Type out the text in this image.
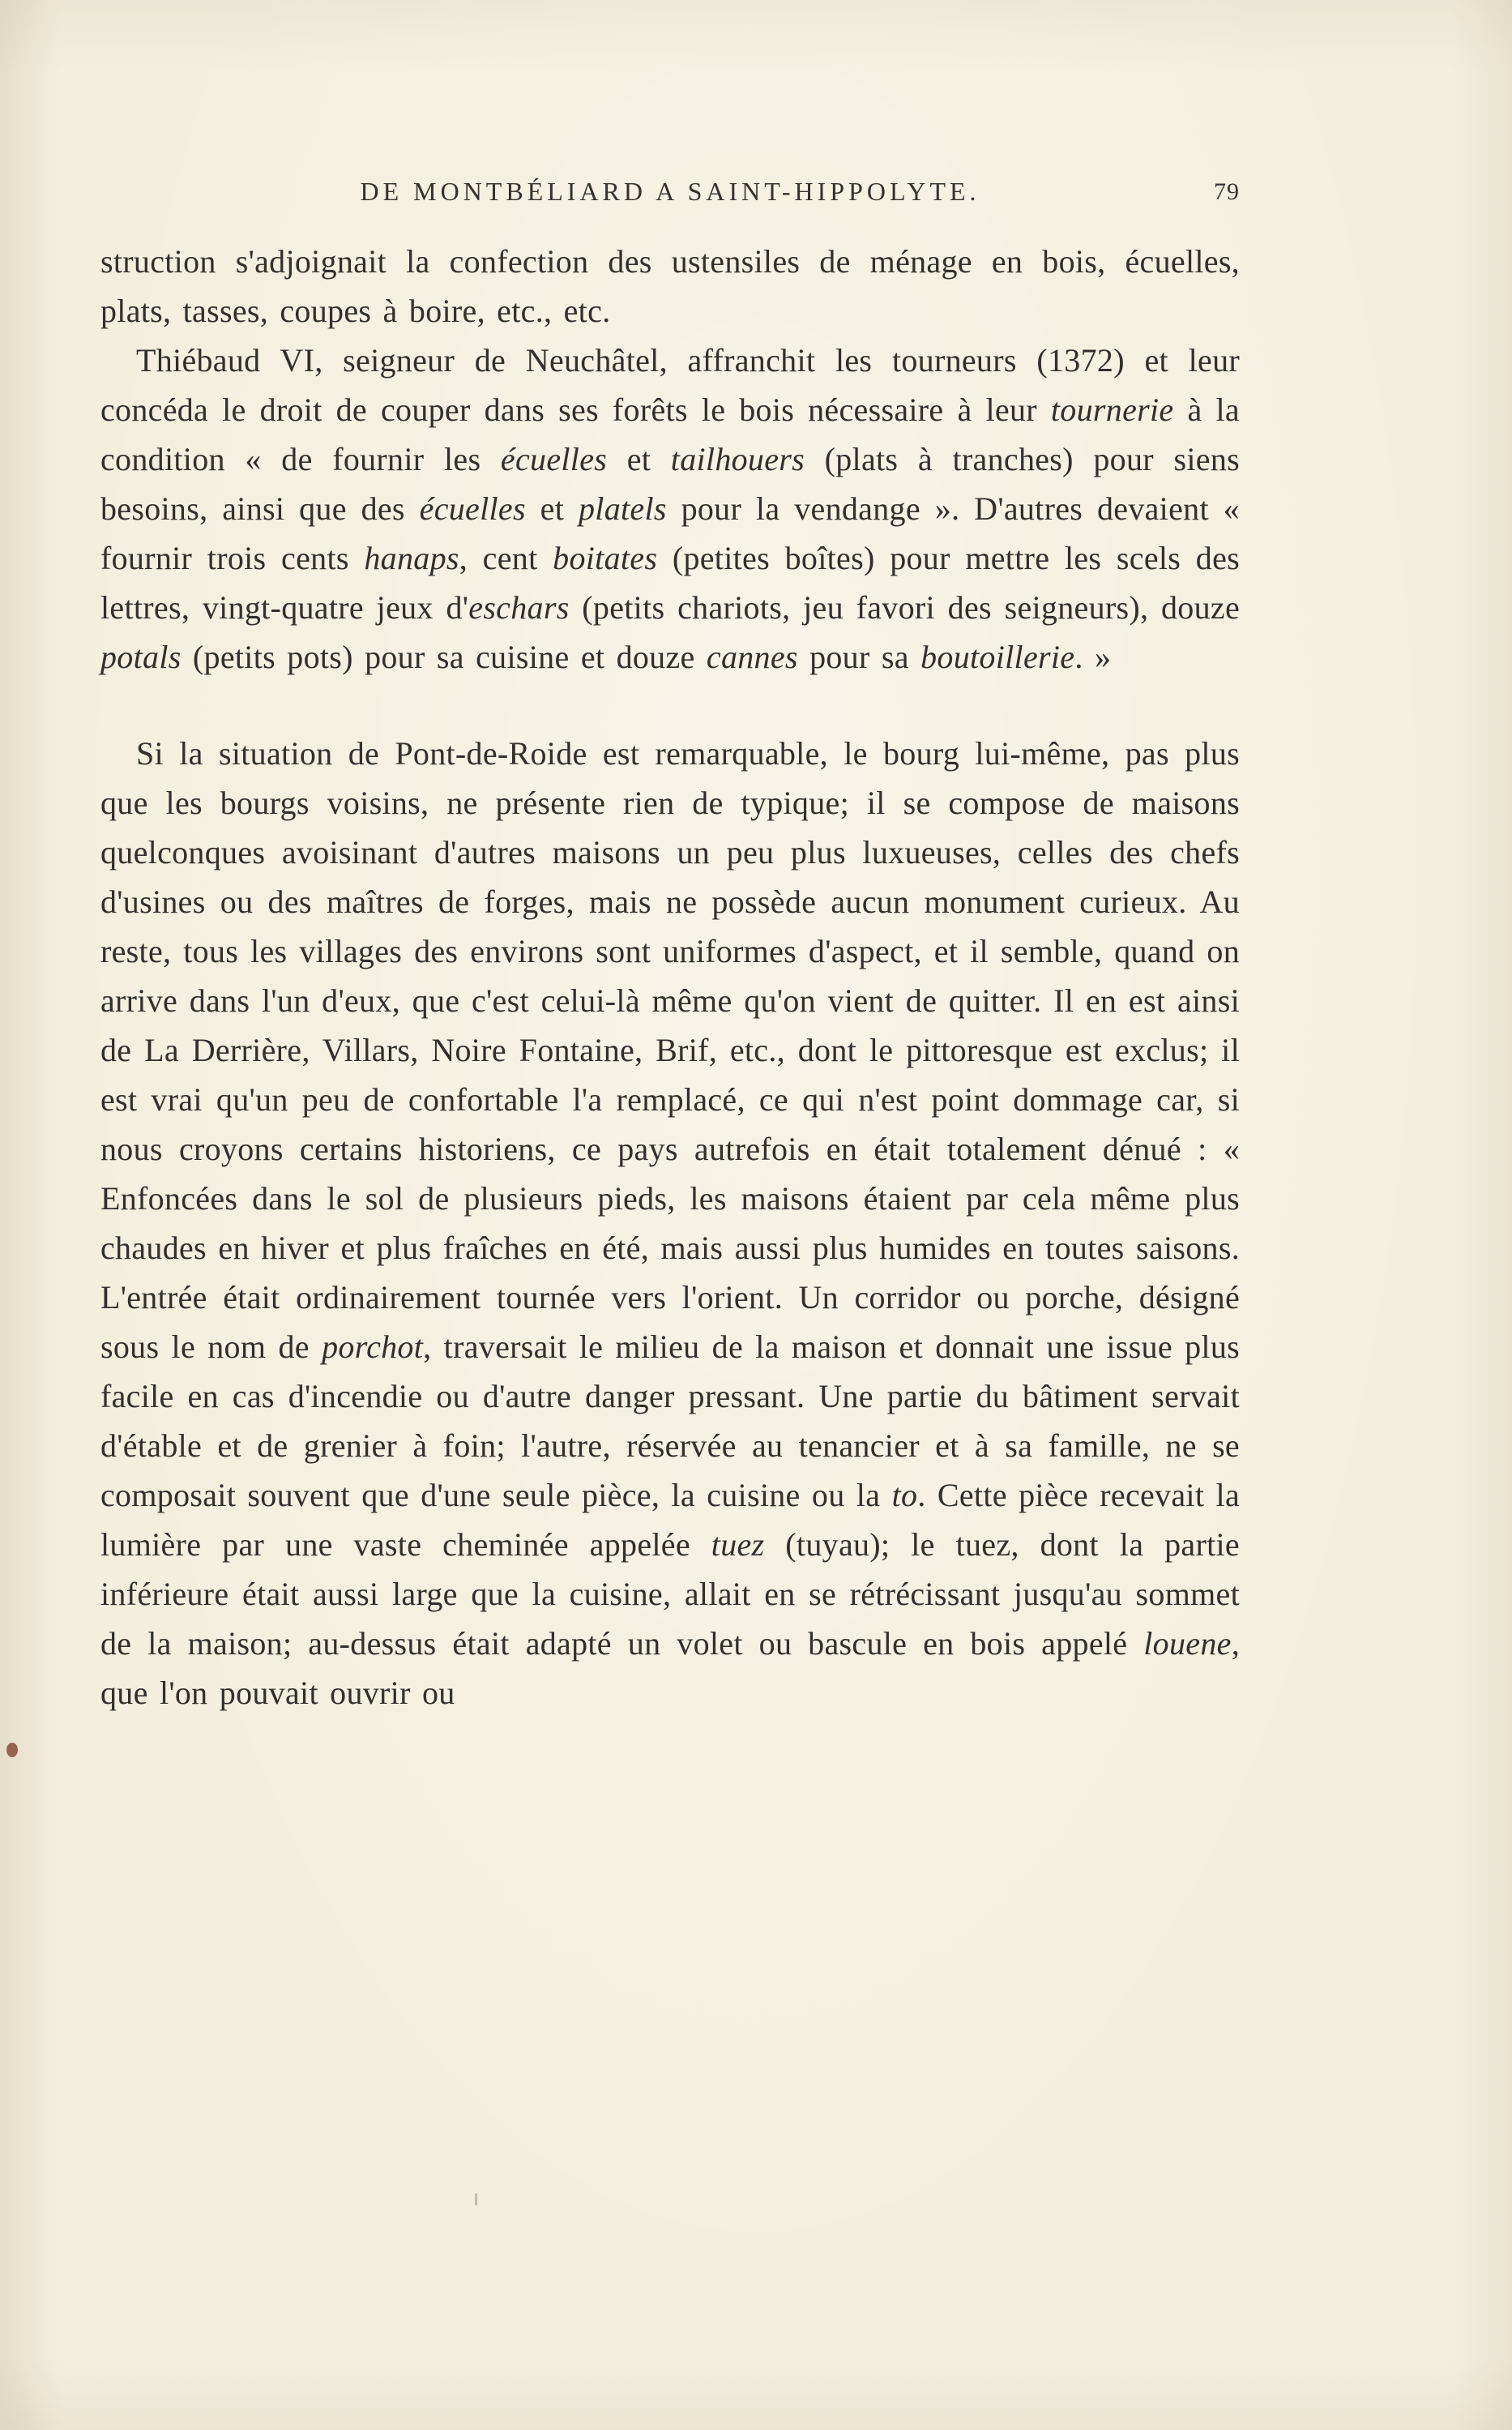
DE MONTBÉLIARD A SAINT-HIPPOLYTE.	79

struction s'adjoignait la confection des ustensiles de ménage en bois, écuelles, plats, tasses, coupes à boire, etc., etc.

Thiébaud VI, seigneur de Neuchâtel, affranchit les tourneurs (1372) et leur concéda le droit de couper dans ses forêts le bois nécessaire à leur tournerie à la condition « de fournir les écuelles et tailhouers (plats à tranches) pour siens besoins, ainsi que des écuelles et platels pour la vendange ». D'autres devaient « fournir trois cents hanaps, cent boitates (petites boîtes) pour mettre les scels des lettres, vingt-quatre jeux d'eschars (petits chariots, jeu favori des seigneurs), douze potals (petits pots) pour sa cuisine et douze cannes pour sa boutoillerie. »

Si la situation de Pont-de-Roide est remarquable, le bourg lui-même, pas plus que les bourgs voisins, ne présente rien de typique; il se compose de maisons quelconques avoisinant d'autres maisons un peu plus luxueuses, celles des chefs d'usines ou des maîtres de forges, mais ne possède aucun monument curieux. Au reste, tous les villages des environs sont uniformes d'aspect, et il semble, quand on arrive dans l'un d'eux, que c'est celui-là même qu'on vient de quitter. Il en est ainsi de La Derrière, Villars, Noire Fontaine, Brif, etc., dont le pittoresque est exclus; il est vrai qu'un peu de confortable l'a remplacé, ce qui n'est point dommage car, si nous croyons certains historiens, ce pays autrefois en était totalement dénué : « Enfoncées dans le sol de plusieurs pieds, les maisons étaient par cela même plus chaudes en hiver et plus fraîches en été, mais aussi plus humides en toutes saisons. L'entrée était ordinairement tournée vers l'orient. Un corridor ou porche, désigné sous le nom de porchot, traversait le milieu de la maison et donnait une issue plus facile en cas d'incendie ou d'autre danger pressant. Une partie du bâtiment servait d'étable et de grenier à foin; l'autre, réservée au tenancier et à sa famille, ne se composait souvent que d'une seule pièce, la cuisine ou la to. Cette pièce recevait la lumière par une vaste cheminée appelée tuez (tuyau); le tuez, dont la partie inférieure était aussi large que la cuisine, allait en se rétrécissant jusqu'au sommet de la maison; au-dessus était adapté un volet ou bascule en bois appelé louene, que l'on pouvait ouvrir ou
